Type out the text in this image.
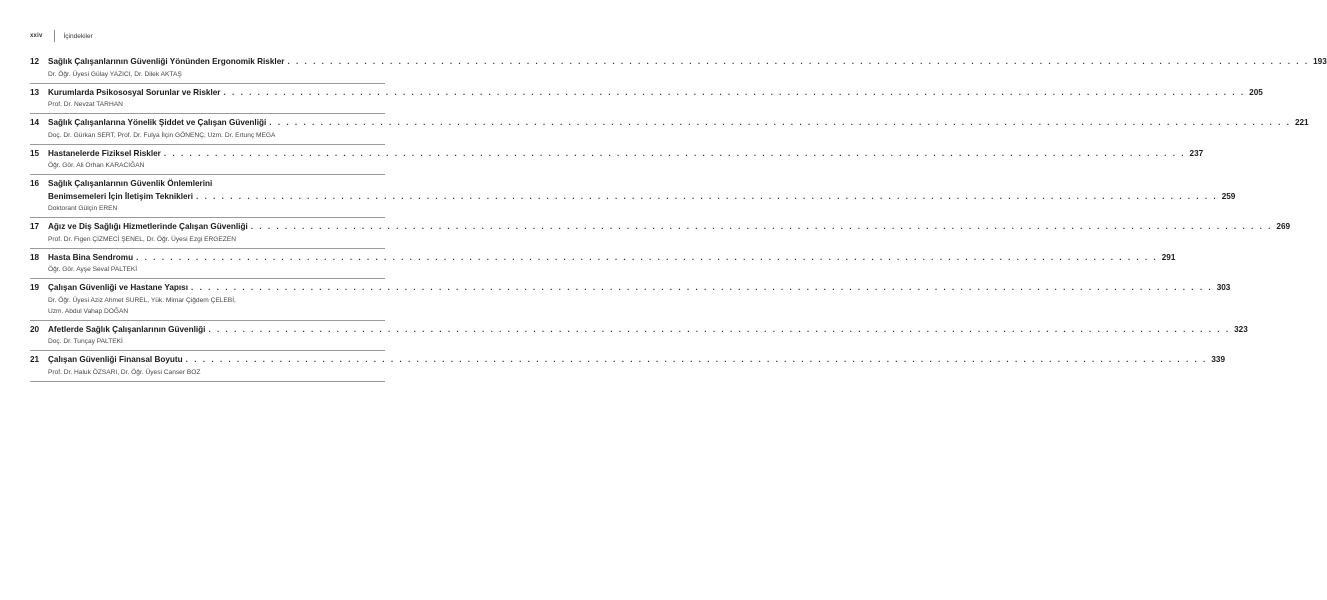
xxiv	İçindekiler
12	Sağlık Çalışanlarının Güvenliği Yönünden Ergonomik Riskler . . . . . . . . . . . . . . . . . . . . . . . . . . . . . . . . . . . . . . . . . . . . . . . . . . . . . . . . . . . . . . . . . . . . . . . . . . . . . . . . . . . . . . . . . . . . . . . . . . . . . . . . . . . . . . . . . . . . . . . . 193
Dr. Öğr. Üyesi Gülay YAZICI, Dr. Dilek AKTAŞ
13	Kurumlarda Psikososyal Sorunlar ve Riskler . . . . . . . . . . . . . . . . . . . . . . . . . . . . . . . . . . . . . . . . . . . . . . . . . . . . . . . . . . . . . . . . . . . . . . . . . . . . . . . . . . . . . . . . . . . . . . . . . . . . . . . . . . . . . . . . . . . . . . . . 205
Prof. Dr. Nevzat TARHAN
14	Sağlık Çalışanlarına Yönelik Şiddet ve Çalışan Güvenliği . . . . . . . . . . . . . . . . . . . . . . . . . . . . . . . . . . . . . . . . . . . . . . . . . . . . . . . . . . . . . . . . . . . . . . . . . . . . . . . . . . . . . . . . . . . . . . . . . . . . . . . . . . . . . . . . . . . . . . . . 221
Doç. Dr. Gürkan SERT, Prof. Dr. Fulya İlçin GÖNENÇ, Uzm. Dr. Ertunç MEGA
15	Hastanelerde Fiziksel Riskler . . . . . . . . . . . . . . . . . . . . . . . . . . . . . . . . . . . . . . . . . . . . . . . . . . . . . . . . . . . . . . . . . . . . . . . . . . . . . . . . . . . . . . . . . . . . . . . . . . . . . . . . . . . . . . . . . . . . . . . . 237
Öğr. Gör. Ali Orhan KARACIĞAN
16	Sağlık Çalışanlarının Güvenlik Önlemlerini
Benimsemeleri İçin İletişim Teknikleri . . . . . . . . . . . . . . . . . . . . . . . . . . . . . . . . . . . . . . . . . . . . . . . . . . . . . . . . . . . . . . . . . . . . . . . . . . . . . . . . . . . . . . . . . . . . . . . . . . . . . . . . . . . . . . . . . . . . . . . . 259
Doktorant Gülçin EREN
17	Ağız ve Diş Sağlığı Hizmetlerinde Çalışan Güvenliği . . . . . . . . . . . . . . . . . . . . . . . . . . . . . . . . . . . . . . . . . . . . . . . . . . . . . . . . . . . . . . . . . . . . . . . . . . . . . . . . . . . . . . . . . . . . . . . . . . . . . . . . . . . . . . . . . . . . . . . . 269
Prof. Dr. Figen ÇİZMECİ ŞENEL, Dr. Öğr. Üyesi Ezgi ERGEZEN
18	Hasta Bina Sendromu . . . . . . . . . . . . . . . . . . . . . . . . . . . . . . . . . . . . . . . . . . . . . . . . . . . . . . . . . . . . . . . . . . . . . . . . . . . . . . . . . . . . . . . . . . . . . . . . . . . . . . . . . . . . . . . . . . . . . . . . 291
Öğr. Gör. Ayşe Seval PALTEKİ
19	Çalışan Güvenliği ve Hastane Yapısı . . . . . . . . . . . . . . . . . . . . . . . . . . . . . . . . . . . . . . . . . . . . . . . . . . . . . . . . . . . . . . . . . . . . . . . . . . . . . . . . . . . . . . . . . . . . . . . . . . . . . . . . . . . . . . . . . . . . . . . . 303
Dr. Öğr. Üyesi Aziz Ahmet SUREL, Yük. Mimar Çiğdem ÇELEBİ,
Uzm. Abdul Vahap DOĞAN
20	Afetlerde Sağlık Çalışanlarının Güvenliği . . . . . . . . . . . . . . . . . . . . . . . . . . . . . . . . . . . . . . . . . . . . . . . . . . . . . . . . . . . . . . . . . . . . . . . . . . . . . . . . . . . . . . . . . . . . . . . . . . . . . . . . . . . . . . . . . . . . . . . . 323
Doç. Dr. Tunçay PALTEKİ
21	Çalışan Güvenliği Finansal Boyutu . . . . . . . . . . . . . . . . . . . . . . . . . . . . . . . . . . . . . . . . . . . . . . . . . . . . . . . . . . . . . . . . . . . . . . . . . . . . . . . . . . . . . . . . . . . . . . . . . . . . . . . . . . . . . . . . . . . . . . . . 339
Prof. Dr. Haluk ÖZSARI, Dr. Öğr. Üyesi Canser BOZ
